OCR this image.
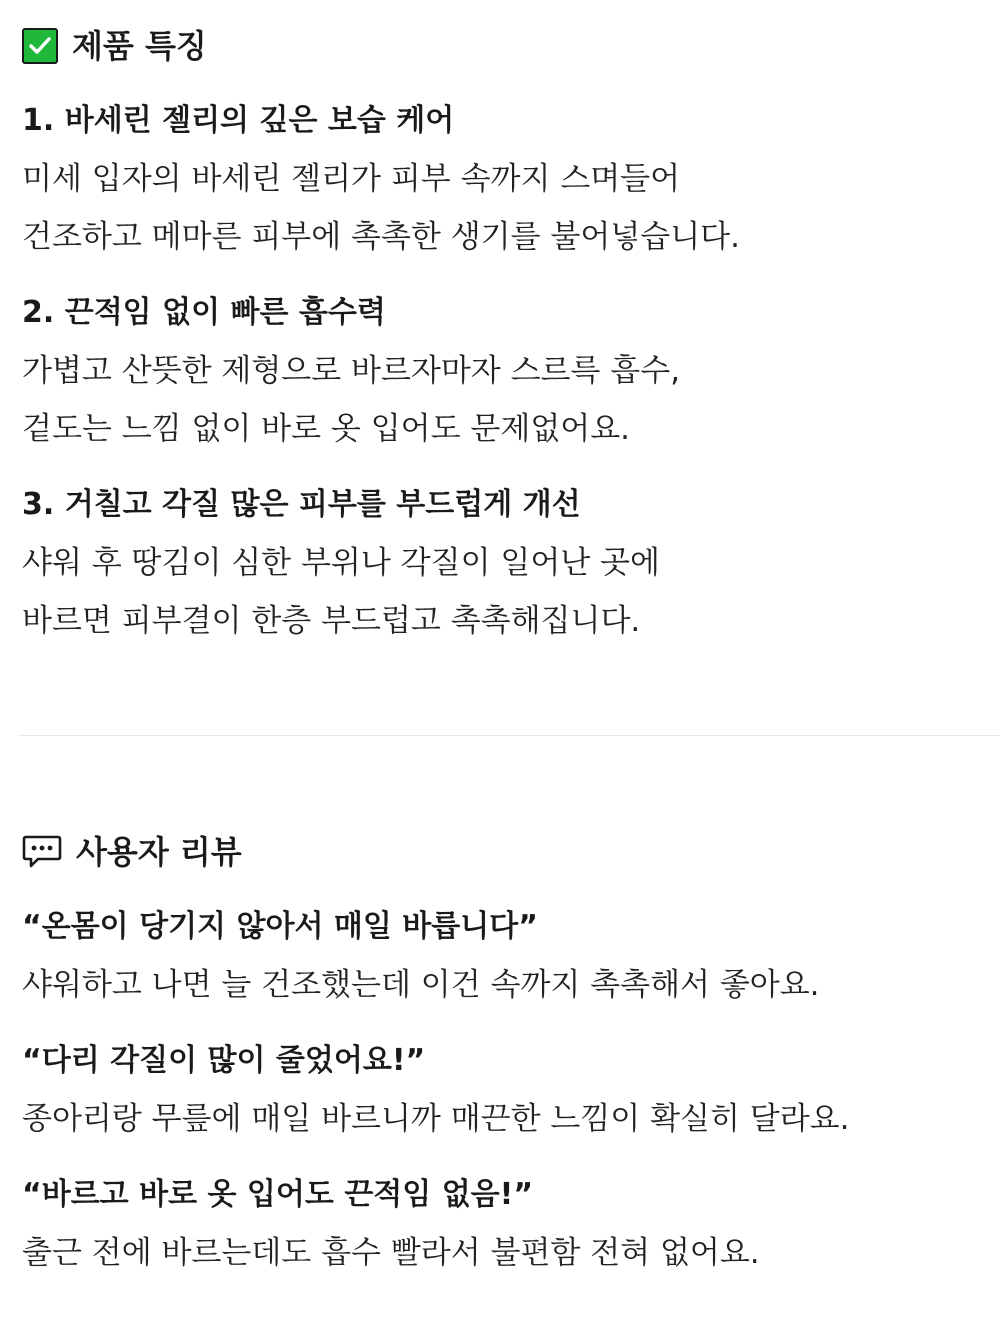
제품 특징
1. 바세린 젤리의 깊은 보습 케어
미세 입자의 바세린 젤리가 피부 속까지 스며들어
건조하고 메마른 피부에 촉촉한 생기를 불어넣습니다.
2. 끈적임 없이 빠른 흡수력
가볍고 산뜻한 제형으로 바르자마자 스르륵 흡수,
겉도는 느낌 없이 바로 옷 입어도 문제없어요.
3. 거칠고 각질 많은 피부를 부드럽게 개선
샤워 후 땅김이 심한 부위나 각질이 일어난 곳에
바르면 피부결이 한층 부드럽고 촉촉해집니다.
사용자 리뷰
“온몸이 당기지 않아서 매일 바릅니다”
샤워하고 나면 늘 건조했는데 이건 속까지 촉촉해서 좋아요.
“다리 각질이 많이 줄었어요!”
종아리랑 무릎에 매일 바르니까 매끈한 느낌이 확실히 달라요.
“바르고 바로 옷 입어도 끈적임 없음!”
출근 전에 바르는데도 흡수 빨라서 불편함 전혀 없어요.
